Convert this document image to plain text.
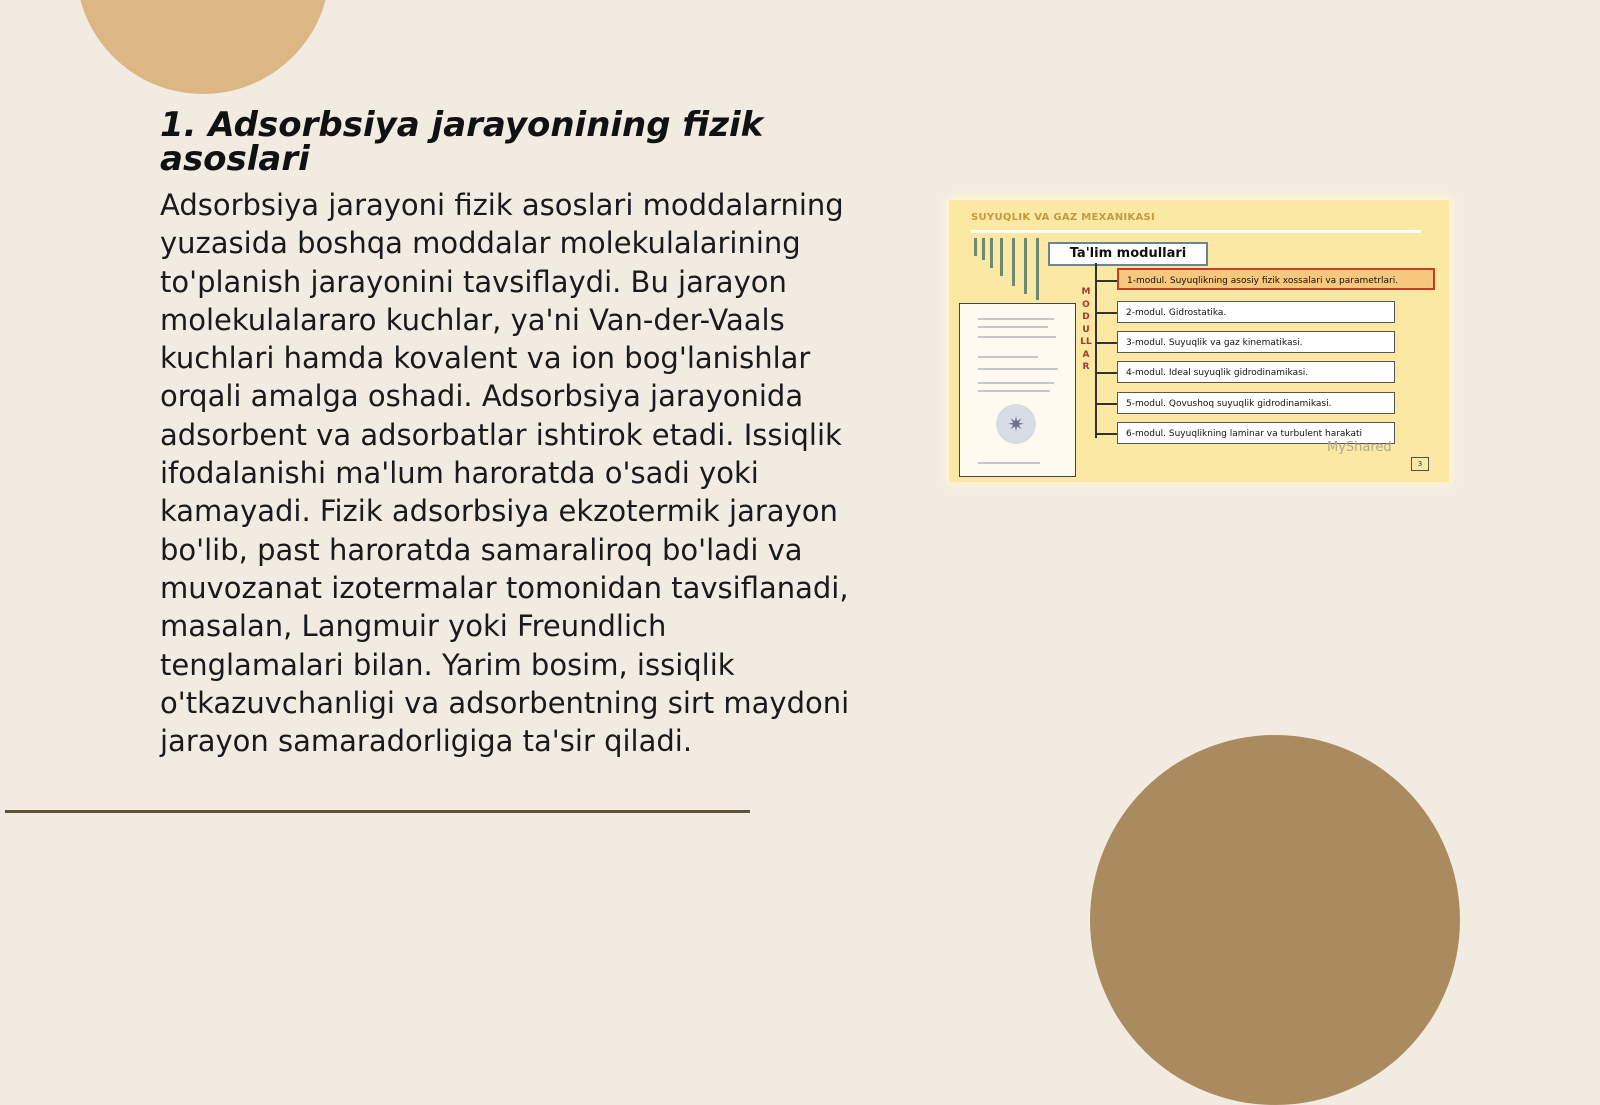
1. Adsorbsiya jarayonining fizik asoslari

Adsorbsiya jarayoni fizik asoslari moddalarning yuzasida boshqa moddalar molekulalarining to'planish jarayonini tavsiflaydi. Bu jarayon molekulalararo kuchlar, ya'ni Van-der-Vaals kuchlari hamda kovalent va ion bog'lanishlar orqali amalga oshadi. Adsorbsiya jarayonida adsorbent va adsorbatlar ishtirok etadi. Issiqlik ifodalanishi ma'lum haroratda o'sadi yoki kamayadi. Fizik adsorbsiya ekzotermik jarayon bo'lib, past haroratda samaraliroq bo'ladi va muvozanat izotermalar tomonidan tavsiflanadi, masalan, Langmuir yoki Freundlich tenglamalari bilan. Yarim bosim, issiqlik o'tkazuvchanligi va adsorbentning sirt maydoni jarayon samaradorligiga ta'sir qiladi.

SUYUQLIK VA GAZ MEXANIKASI
✷
Ta'lim modullari
MODULLAR
1-modul. Suyuqlikning asosiy fizik xossalari va parametrlari.
2-modul. Gidrostatika.
3-modul. Suyuqlik va gaz kinematikasi.
4-modul. Ideal suyuqlik gidrodinamikasi.
5-modul. Qovushoq suyuqlik gidrodinamikasi.
6-modul. Suyuqlikning laminar va turbulent harakati
MyShared
3
